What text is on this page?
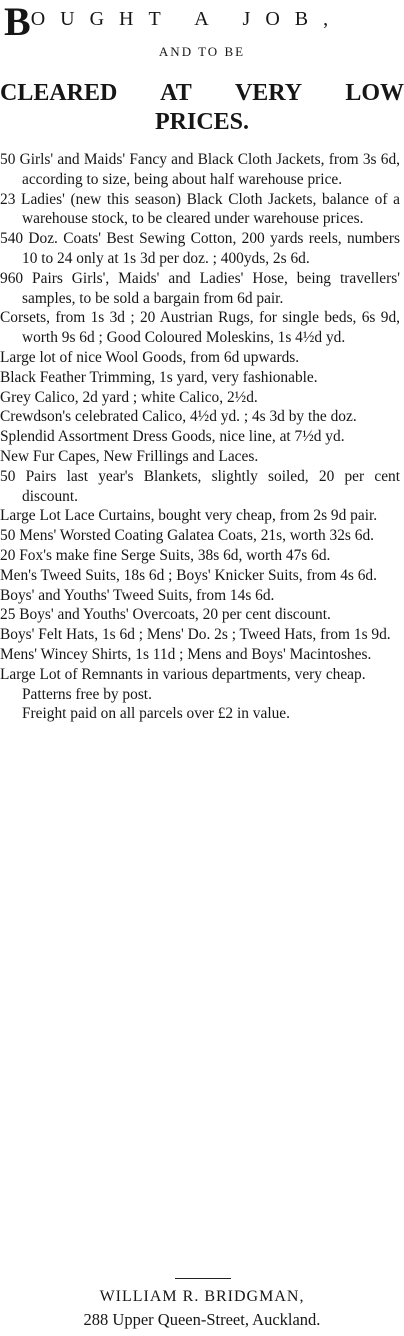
BOUGHT A JOB,
AND TO BE
CLEARED AT VERY LOW
PRICES.

50 Girls' and Maids' Fancy and Black Cloth Jackets, from 3s 6d, according to size, being about half warehouse price.

23 Ladies' (new this season) Black Cloth Jackets, balance of a warehouse stock, to be cleared under warehouse prices.

540 Doz. Coats' Best Sewing Cotton, 200 yards reels, numbers 10 to 24 only at 1s 3d per doz. ; 400yds, 2s 6d.

960 Pairs Girls', Maids' and Ladies' Hose, being travellers' samples, to be sold a bargain from 6d pair.

Corsets, from 1s 3d ; 20 Austrian Rugs, for single beds, 6s 9d, worth 9s 6d ; Good Coloured Moleskins, 1s 4½d yd.

Large lot of nice Wool Goods, from 6d upwards.

Black Feather Trimming, 1s yard, very fashionable.

Grey Calico, 2d yard ; white Calico, 2½d.

Crewdson's celebrated Calico, 4½d yd. ; 4s 3d by the doz.

Splendid Assortment Dress Goods, nice line, at 7½d yd.

New Fur Capes, New Frillings and Laces.

50 Pairs last year's Blankets, slightly soiled, 20 per cent discount.

Large Lot Lace Curtains, bought very cheap, from 2s 9d pair.

50 Mens' Worsted Coating Galatea Coats, 21s, worth 32s 6d.

20 Fox's make fine Serge Suits, 38s 6d, worth 47s 6d.

Men's Tweed Suits, 18s 6d ; Boys' Knicker Suits, from 4s 6d.

Boys' and Youths' Tweed Suits, from 14s 6d.

25 Boys' and Youths' Overcoats, 20 per cent discount.

Boys' Felt Hats, 1s 6d ; Mens' Do. 2s ; Tweed Hats, from 1s 9d.

Mens' Wincey Shirts, 1s 11d ; Mens and Boys' Macintoshes.

Large Lot of Remnants in various departments, very cheap.

Patterns free by post.

Freight paid on all parcels over £2 in value.

WILLIAM R. BRIDGMAN,
288 Upper Queen-Street, Auckland.
